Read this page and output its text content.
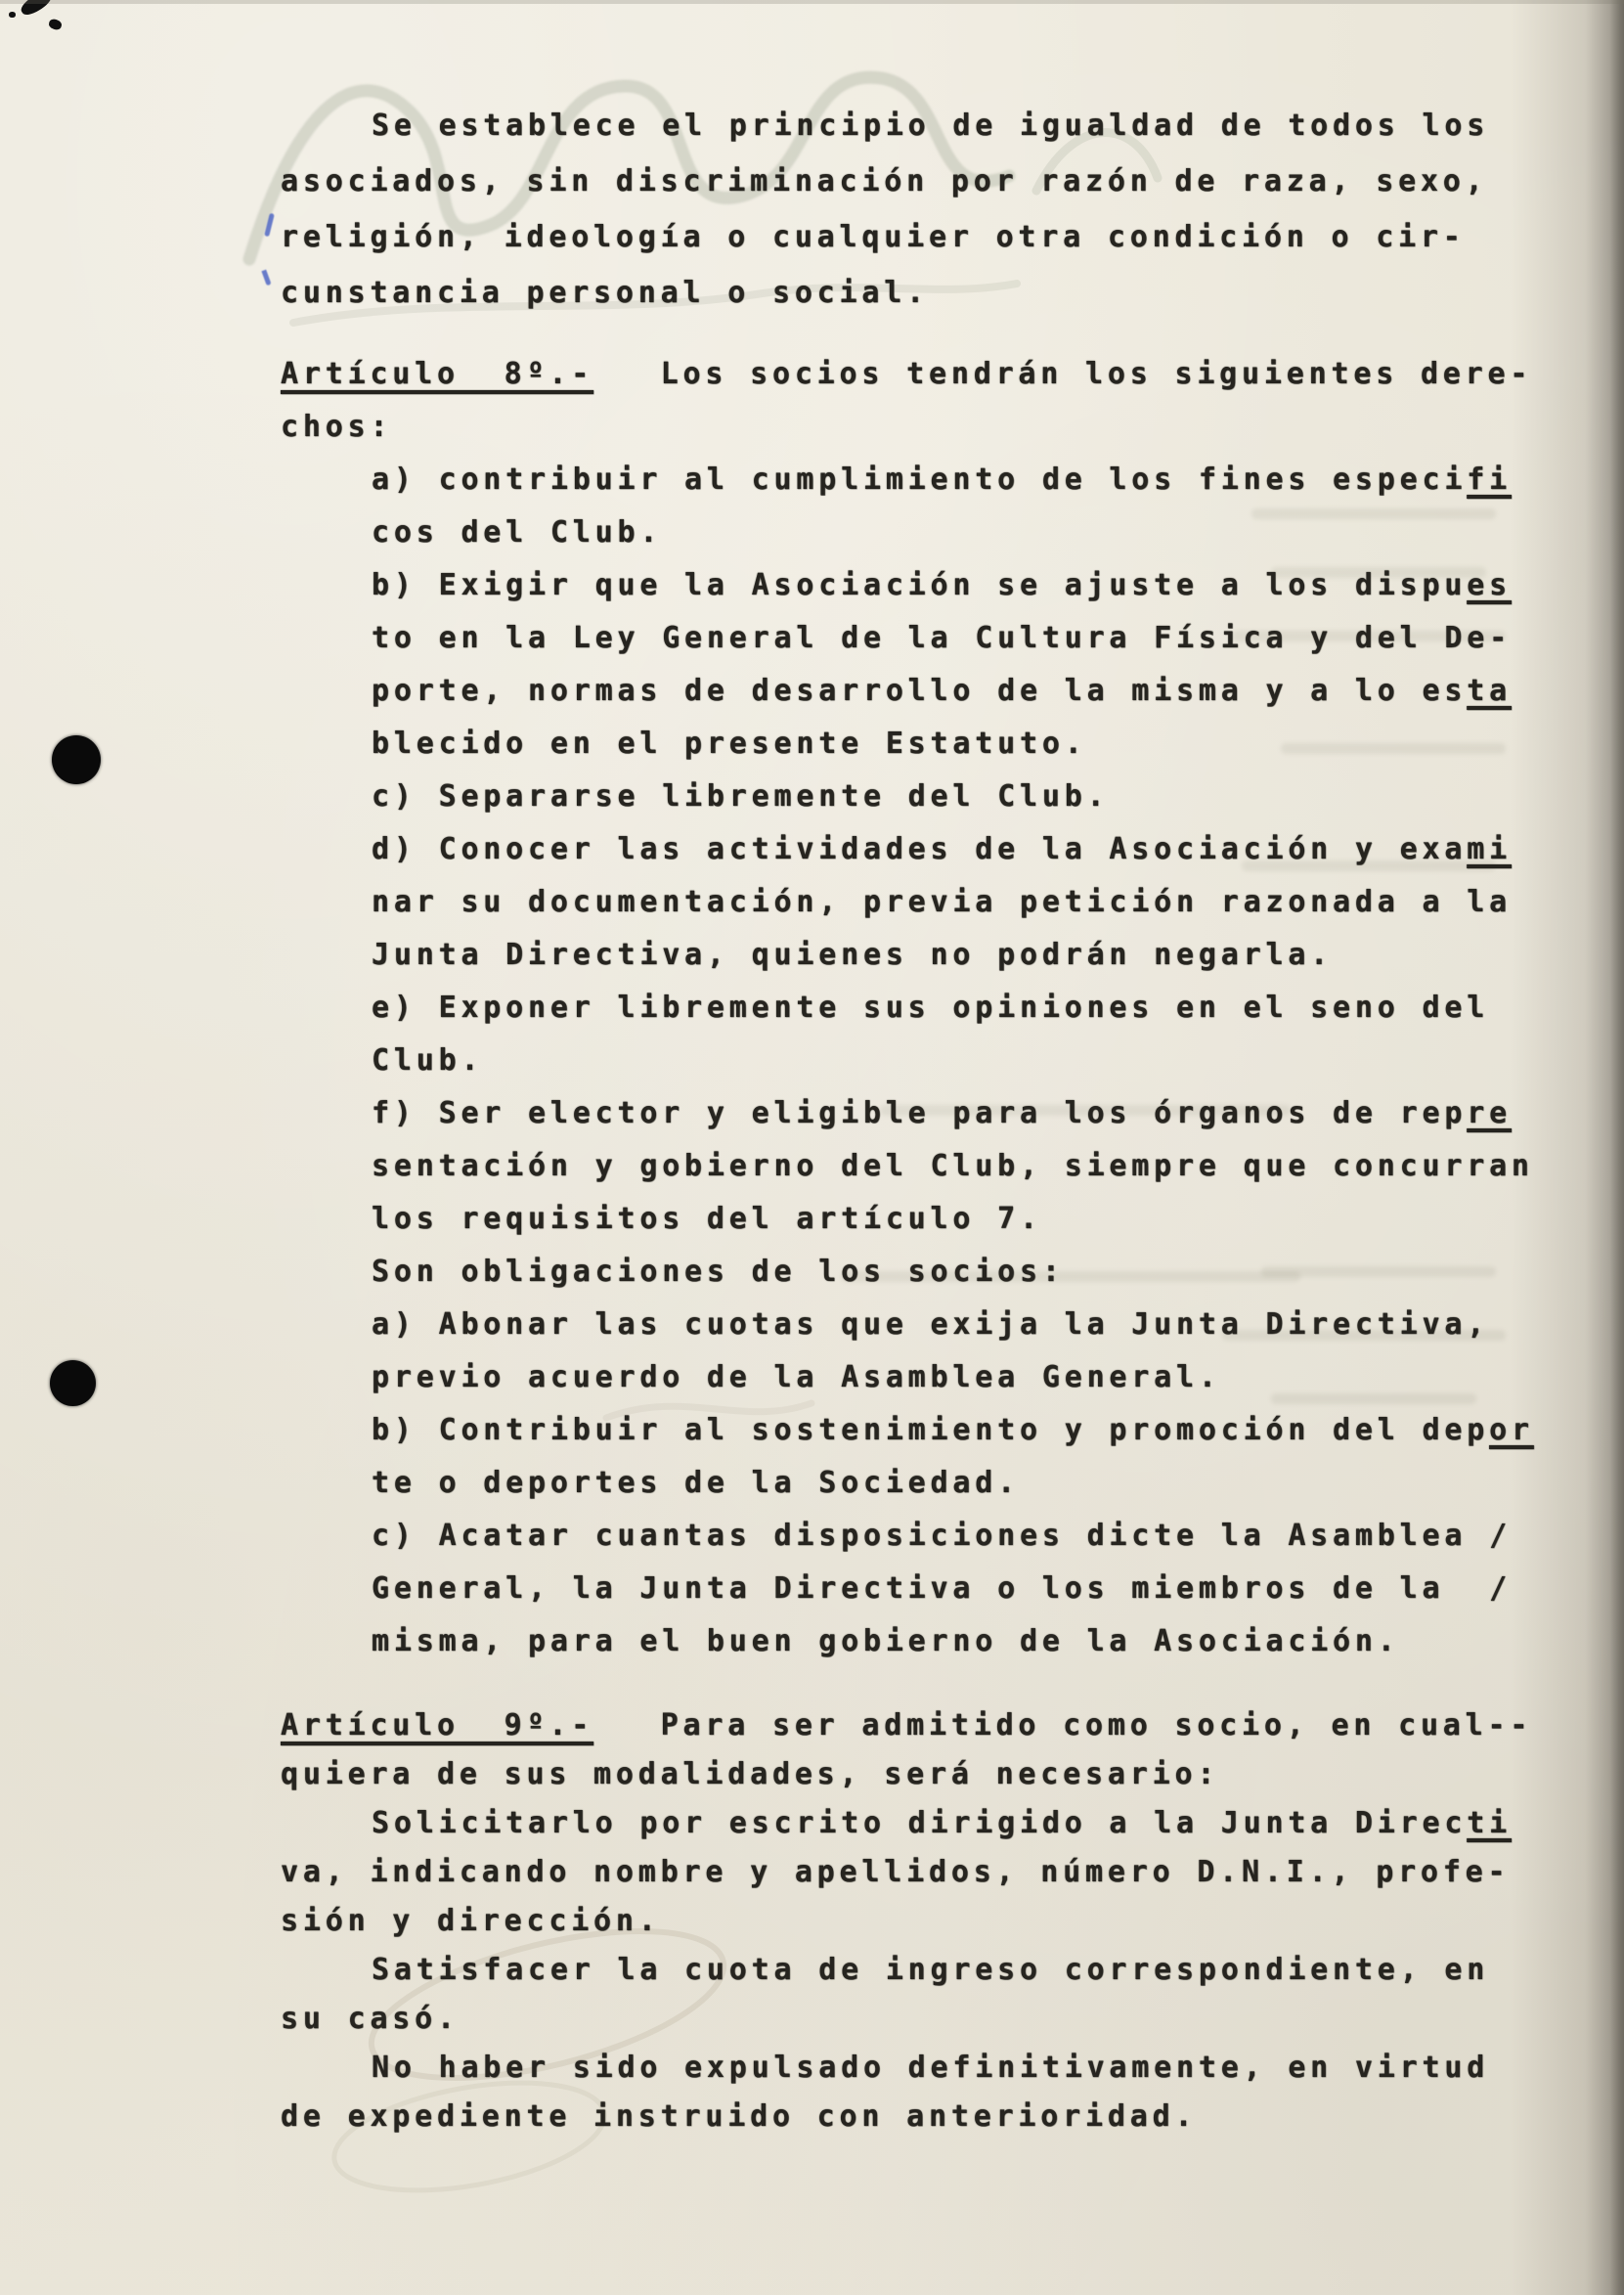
Se establece el principio de igualdad de todos los
asociados, sin discriminación por razón de raza, sexo,
religión, ideología o cualquier otra condición o cir-
cunstancia personal o social.
Artículo  8º.-   Los socios tendrán los siguientes dere-
chos:
a) contribuir al cumplimiento de los fines especifi
cos del Club.
b) Exigir que la Asociación se ajuste a los dispues
to en la Ley General de la Cultura Física y del De-
porte, normas de desarrollo de la misma y a lo esta
blecido en el presente Estatuto.
c) Separarse libremente del Club.
d) Conocer las actividades de la Asociación y exami
nar su documentación, previa petición razonada a la
Junta Directiva, quienes no podrán negarla.
e) Exponer libremente sus opiniones en el seno del
Club.
f) Ser elector y eligible para los órganos de repre
sentación y gobierno del Club, siempre que concurran
los requisitos del artículo 7.
Son obligaciones de los socios:
a) Abonar las cuotas que exija la Junta Directiva,
previo acuerdo de la Asamblea General.
b) Contribuir al sostenimiento y promoción del depor
te o deportes de la Sociedad.
c) Acatar cuantas disposiciones dicte la Asamblea /
General, la Junta Directiva o los miembros de la  /
misma, para el buen gobierno de la Asociación.
Artículo  9º.-   Para ser admitido como socio, en cual--
quiera de sus modalidades, será necesario:
Solicitarlo por escrito dirigido a la Junta Directi
va, indicando nombre y apellidos, número D.N.I., profe-
sión y dirección.
Satisfacer la cuota de ingreso correspondiente, en
su casó.
No haber sido expulsado definitivamente, en virtud
de expediente instruido con anterioridad.
